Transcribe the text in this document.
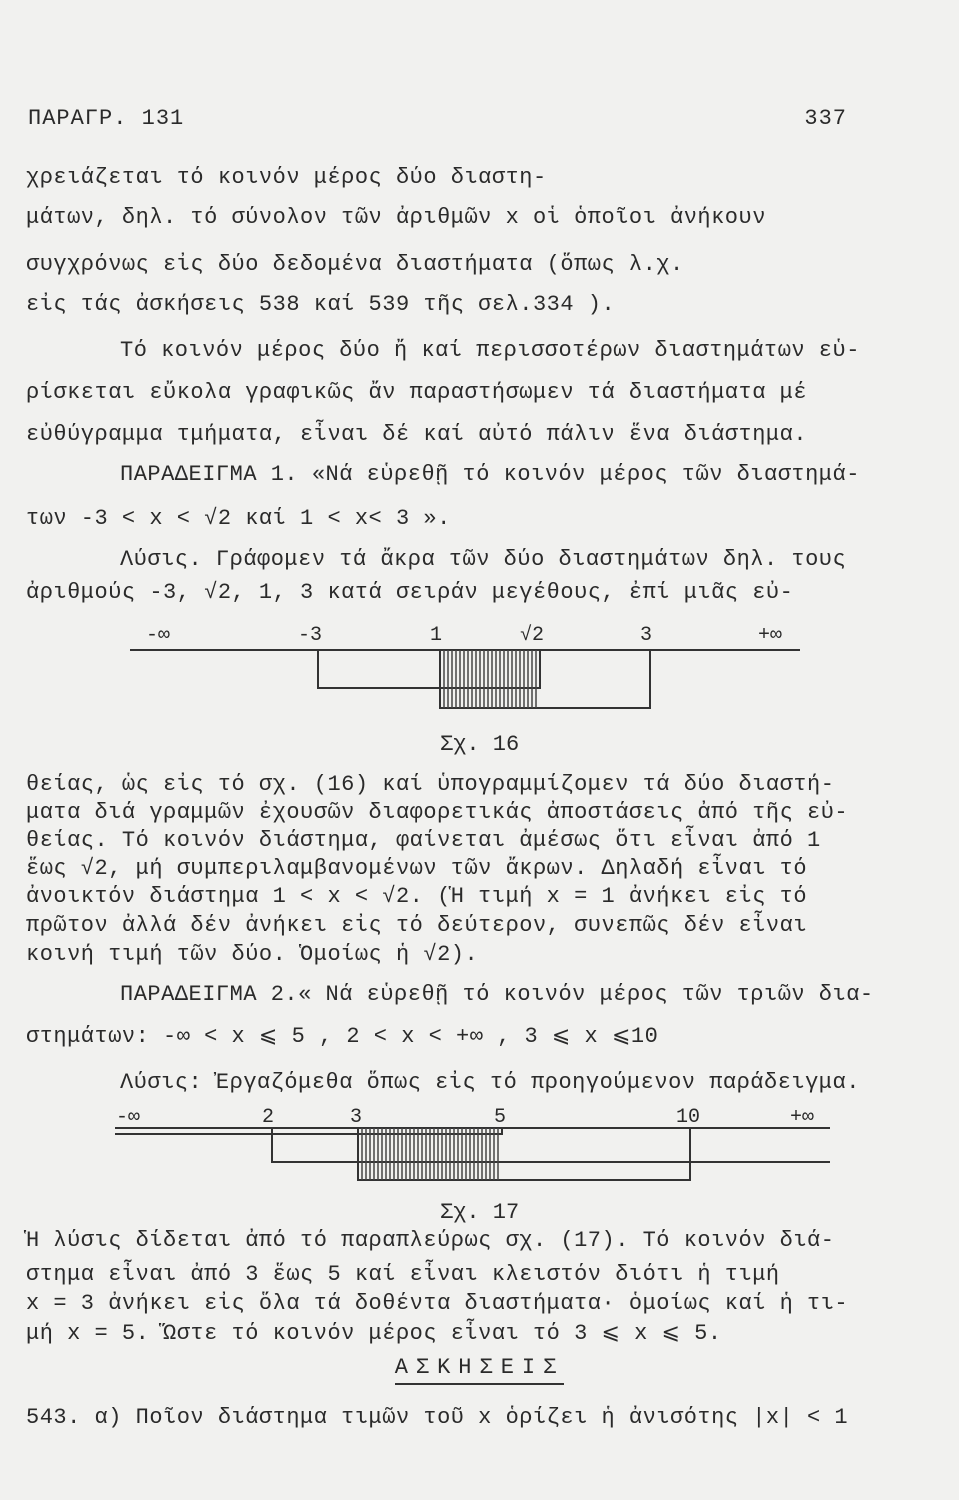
ΠΑΡΑΓΡ. 131	337
χρειάζεται τό κοινόν μέρος δύο διαστη-
μάτων, δηλ. τό σύνολον τῶν ἀριθμῶν x οἱ ὁποῖοι ἀνήκουν
συγχρόνως εἰς δύο δεδομένα διαστήματα (ὅπως λ.χ.
εἰς τάς ἀσκήσεις 538 καί 539 τῆς σελ.334 ).
Τό κοινόν μέρος δύο ἤ καί περισσοτέρων διαστημάτων εὑ-
ρίσκεται εὔκολα γραφικῶς ἄν παραστήσωμεν τά διαστήματα μέ
εὐθύγραμμα τμήματα, εἶναι δέ καί αὐτό πάλιν ἕνα διάστημα.
ΠΑΡΑΔΕΙΓΜΑ 1. «Νά εὑρεθῇ τό κοινόν μέρος τῶν διαστημά-
των -3 < x < √2 καί 1 < x< 3 ».
Λύσις. Γράφομεν τά ἄκρα τῶν δύο διαστημάτων δηλ. τους
ἀριθμούς -3, √2, 1, 3 κατά σειράν μεγέθους, ἐπί μιᾶς εὐ-
-∞	-3	1	√2	3	+∞
Σχ. 16
θείας, ὡς εἰς τό σχ. (16) καί ὑπογραμμίζομεν τά δύο διαστή-
ματα διά γραμμῶν ἐχουσῶν διαφορετικάς ἀποστάσεις ἀπό τῆς εὐ-
θείας. Τό κοινόν διάστημα, φαίνεται ἀμέσως ὅτι εἶναι ἀπό 1
ἕως √2, μή συμπεριλαμβανομένων τῶν ἄκρων. Δηλαδή εἶναι τό
ἀνοικτόν διάστημα 1 < x < √2. (Ἡ τιμή x = 1 ἀνήκει εἰς τό
πρῶτον ἀλλά δέν ἀνήκει εἰς τό δεύτερον, συνεπῶς δέν εἶναι
κοινή τιμή τῶν δύο. Ὁμοίως ἡ √2).
ΠΑΡΑΔΕΙΓΜΑ 2.« Νά εὑρεθῇ τό κοινόν μέρος τῶν τριῶν δια-
στημάτων: -∞ < x ⩽ 5 , 2 < x < +∞ , 3 ⩽ x ⩽10
Λύσις: Ἐργαζόμεθα ὅπως εἰς τό προηγούμενον παράδειγμα.
-∞	2	3	5	10	+∞
Σχ. 17
Ἡ λύσις δίδεται ἀπό τό παραπλεύρως σχ. (17). Τό κοινόν διά-
στημα εἶναι ἀπό 3 ἕως 5 καί εἶναι κλειστόν διότι ἡ τιμή
x = 3 ἀνήκει εἰς ὅλα τά δοθέντα διαστήματα· ὁμοίως καί ἡ τι-
μή x = 5. Ὥστε τό κοινόν μέρος εἶναι τό 3 ⩽ x ⩽ 5.
ΑΣΚΗΣΕΙΣ
543. α) Ποῖον διάστημα τιμῶν τοῦ x ὁρίζει ἡ ἀνισότης |x| < 1
